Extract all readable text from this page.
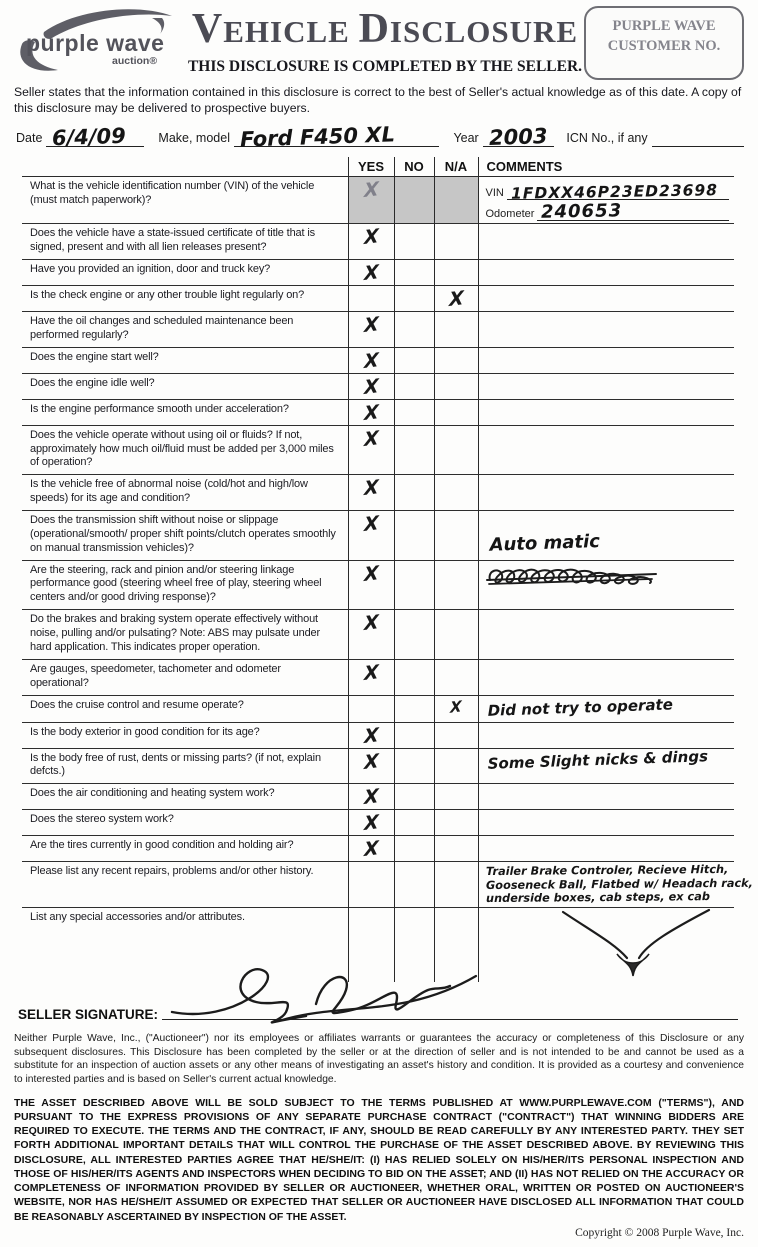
purple wave
auction®
VEHICLE DISCLOSURE
THIS DISCLOSURE IS COMPLETED BY THE SELLER.
PURPLE WAVE
CUSTOMER NO.
Seller states that the information contained in this disclosure is correct to the best of Seller's actual knowledge as of this date. A copy of this disclosure may be delivered to prospective buyers.
Date 6/4/09	Make, model Ford F450 XL	Year 2003	ICN No., if any
	YES	NO	N/A	COMMENTS
What is the vehicle identification number (VIN) of the vehicle (must match paperwork)?	X			VIN 1FDXX46P23ED23698
Odometer 240653

Does the vehicle have a state-issued certificate of title that is signed, present and with all lien releases present?	X			
Have you provided an ignition, door and truck key?	X			
Is the check engine or any other trouble light regularly on?			X	
Have the oil changes and scheduled maintenance been performed regularly?	X			
Does the engine start well?	X			
Does the engine idle well?	X			
Is the engine performance smooth under acceleration?	X			
Does the vehicle operate without using oil or fluids? If not, approximately how much oil/fluid must be added per 3,000 miles of operation?	X			
Is the vehicle free of abnormal noise (cold/hot and high/low speeds) for its age and condition?	X			
Does the transmission shift without noise or slippage (operational/smooth/ proper shift points/clutch operates smoothly on manual transmission vehicles)?	X			Auto matic

Are the steering, rack and pinion and/or steering linkage performance good (steering wheel free of play, steering wheel centers and/or good driving response)?	X			
Do the brakes and braking system operate effectively without noise, pulling and/or pulsating? Note: ABS may pulsate under hard application. This indicates proper operation.	X			
Are gauges, speedometer, tachometer and odometer operational?	X			
Does the cruise control and resume operate?			X	Did not try to operate

Is the body exterior in good condition for its age?	X			
Is the body free of rust, dents or missing parts? (if not, explain defcts.)	X			Some Slight nicks & dings

Does the air conditioning and heating system work?	X			
Does the stereo system work?	X			
Are the tires currently in good condition and holding air?	X			
Please list any recent repairs, problems and/or other history.				Trailer Brake Controler, Recieve Hitch,
Gooseneck Ball, Flatbed w/ Headach rack,
underside boxes, cab steps, ex cab

List any special accessories and/or attributes.				
SELLER SIGNATURE:
Neither Purple Wave, Inc., ("Auctioneer") nor its employees or affiliates warrants or guarantees the accuracy or completeness of this Disclosure or any subsequent disclosures. This Disclosure has been completed by the seller or at the direction of seller and is not intended to be and cannot be used as a substitute for an inspection of auction assets or any other means of investigating an asset's history and condition. It is provided as a courtesy and convenience to interested parties and is based on Seller's current actual knowledge.
THE ASSET DESCRIBED ABOVE WILL BE SOLD SUBJECT TO THE TERMS PUBLISHED AT WWW.PURPLEWAVE.COM ("TERMS"), AND PURSUANT TO THE EXPRESS PROVISIONS OF ANY SEPARATE PURCHASE CONTRACT ("CONTRACT") THAT WINNING BIDDERS ARE REQUIRED TO EXECUTE. THE TERMS AND THE CONTRACT, IF ANY, SHOULD BE READ CAREFULLY BY ANY INTERESTED PARTY. THEY SET FORTH ADDITIONAL IMPORTANT DETAILS THAT WILL CONTROL THE PURCHASE OF THE ASSET DESCRIBED ABOVE. BY REVIEWING THIS DISCLOSURE, ALL INTERESTED PARTIES AGREE THAT HE/SHE/IT: (I) HAS RELIED SOLELY ON HIS/HER/ITS PERSONAL INSPECTION AND THOSE OF HIS/HER/ITS AGENTS AND INSPECTORS WHEN DECIDING TO BID ON THE ASSET; AND (II) HAS NOT RELIED ON THE ACCURACY OR COMPLETENESS OF INFORMATION PROVIDED BY SELLER OR AUCTIONEER, WHETHER ORAL, WRITTEN OR POSTED ON AUCTIONEER'S WEBSITE, NOR HAS HE/SHE/IT ASSUMED OR EXPECTED THAT SELLER OR AUCTIONEER HAVE DISCLOSED ALL INFORMATION THAT COULD BE REASONABLY ASCERTAINED BY INSPECTION OF THE ASSET.
Copyright © 2008 Purple Wave, Inc.
